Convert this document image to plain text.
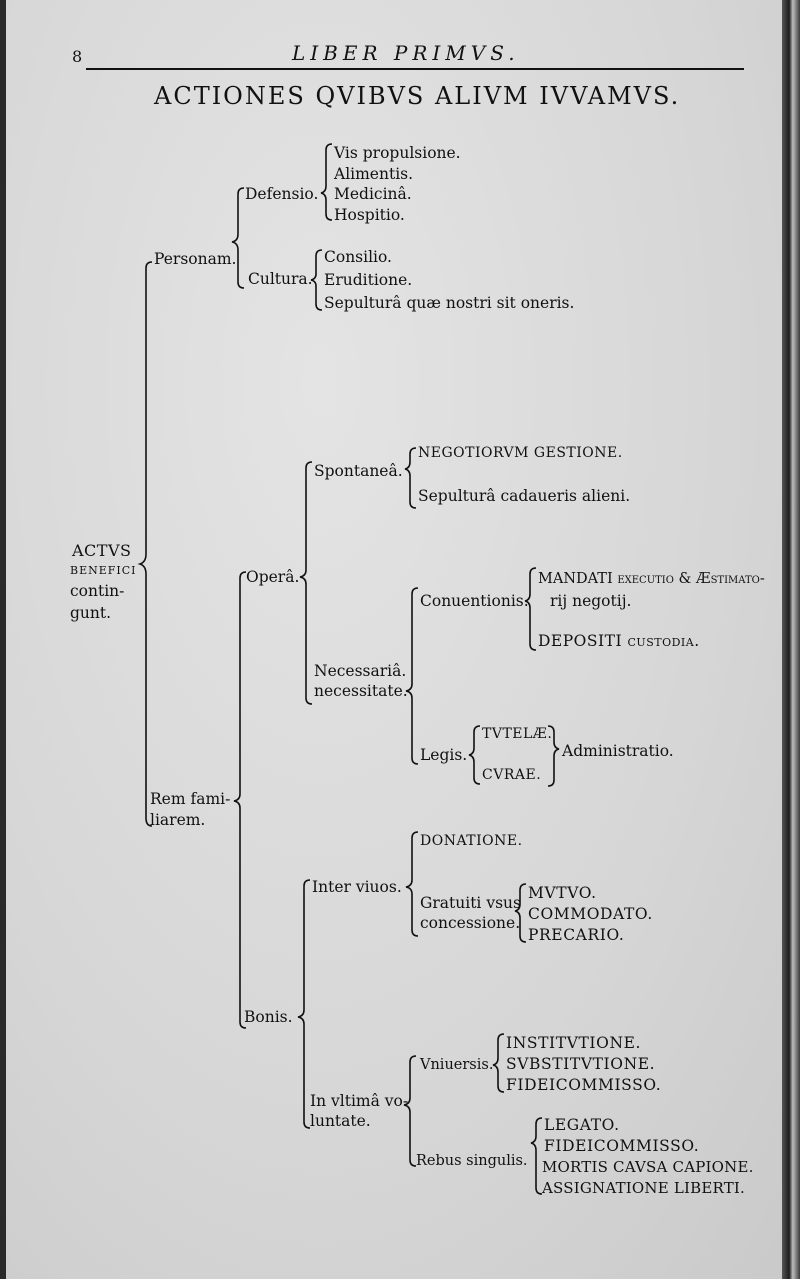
8	LIBER PRIMVS.
ACTIONES QVIBVS ALIVM IVVAMVS.
ACTVS
BENEFICI
contin-
gunt.
Personam.
Defensio.
Vis propulsione.
Alimentis.
Medicinâ.
Hospitio.
Cultura.
Consilio.
Eruditione.
Sepulturâ quæ nostri sit oneris.
Rem fami-
liarem.
Operâ.
Spontaneâ.
NEGOTIORVM GESTIONE.
Sepulturâ cadaueris alieni.
Necessariâ.
necessitate.
Conuentionis.
MANDATI executio & Æstimato-
rij negotij.
DEPOSITI custodia.
Legis.
TVTELÆ.
CVRAE.
Administratio.
Bonis.
Inter viuos.
DONATIONE.
Gratuiti vsus
concessione.
MVTVO.
COMMODATO.
PRECARIO.
In vltimâ vo-
luntate.
Vniuersis.
INSTITVTIONE.
SVBSTITVTIONE.
FIDEICOMMISSO.
Rebus singulis.
LEGATO.
FIDEICOMMISSO.
MORTIS CAVSA CAPIONE.
ASSIGNATIONE LIBERTI.
